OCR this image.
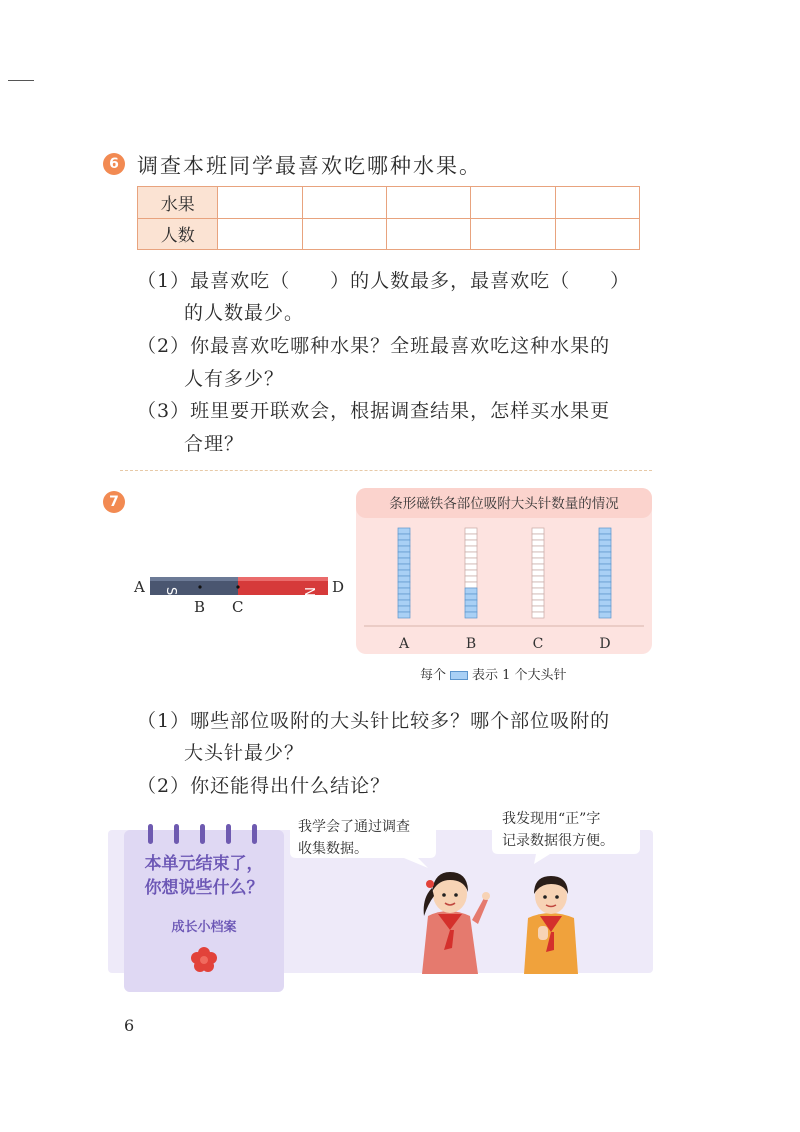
6 调查本班同学最喜欢吃哪种水果。
水果					
人数					
（1）最喜欢吃（　　）的人数最多，最喜欢吃（　　）
的人数最少。
（2）你最喜欢吃哪种水果？全班最喜欢吃这种水果的
人有多少？
（3）班里要开联欢会，根据调查结果，怎样买水果更
合理？
7
A S	N D
B C
条形磁铁各部位吸附大头针数量的情况
A	B	C	D
每个 表示 1 个大头针
（1）哪些部位吸附的大头针比较多？哪个部位吸附的
大头针最少？
（2）你还能得出什么结论？
本单元结束了，
你想说些什么？
成长小档案
我学会了通过调查
收集数据。
我发现用“正”字
记录数据很方便。
6
